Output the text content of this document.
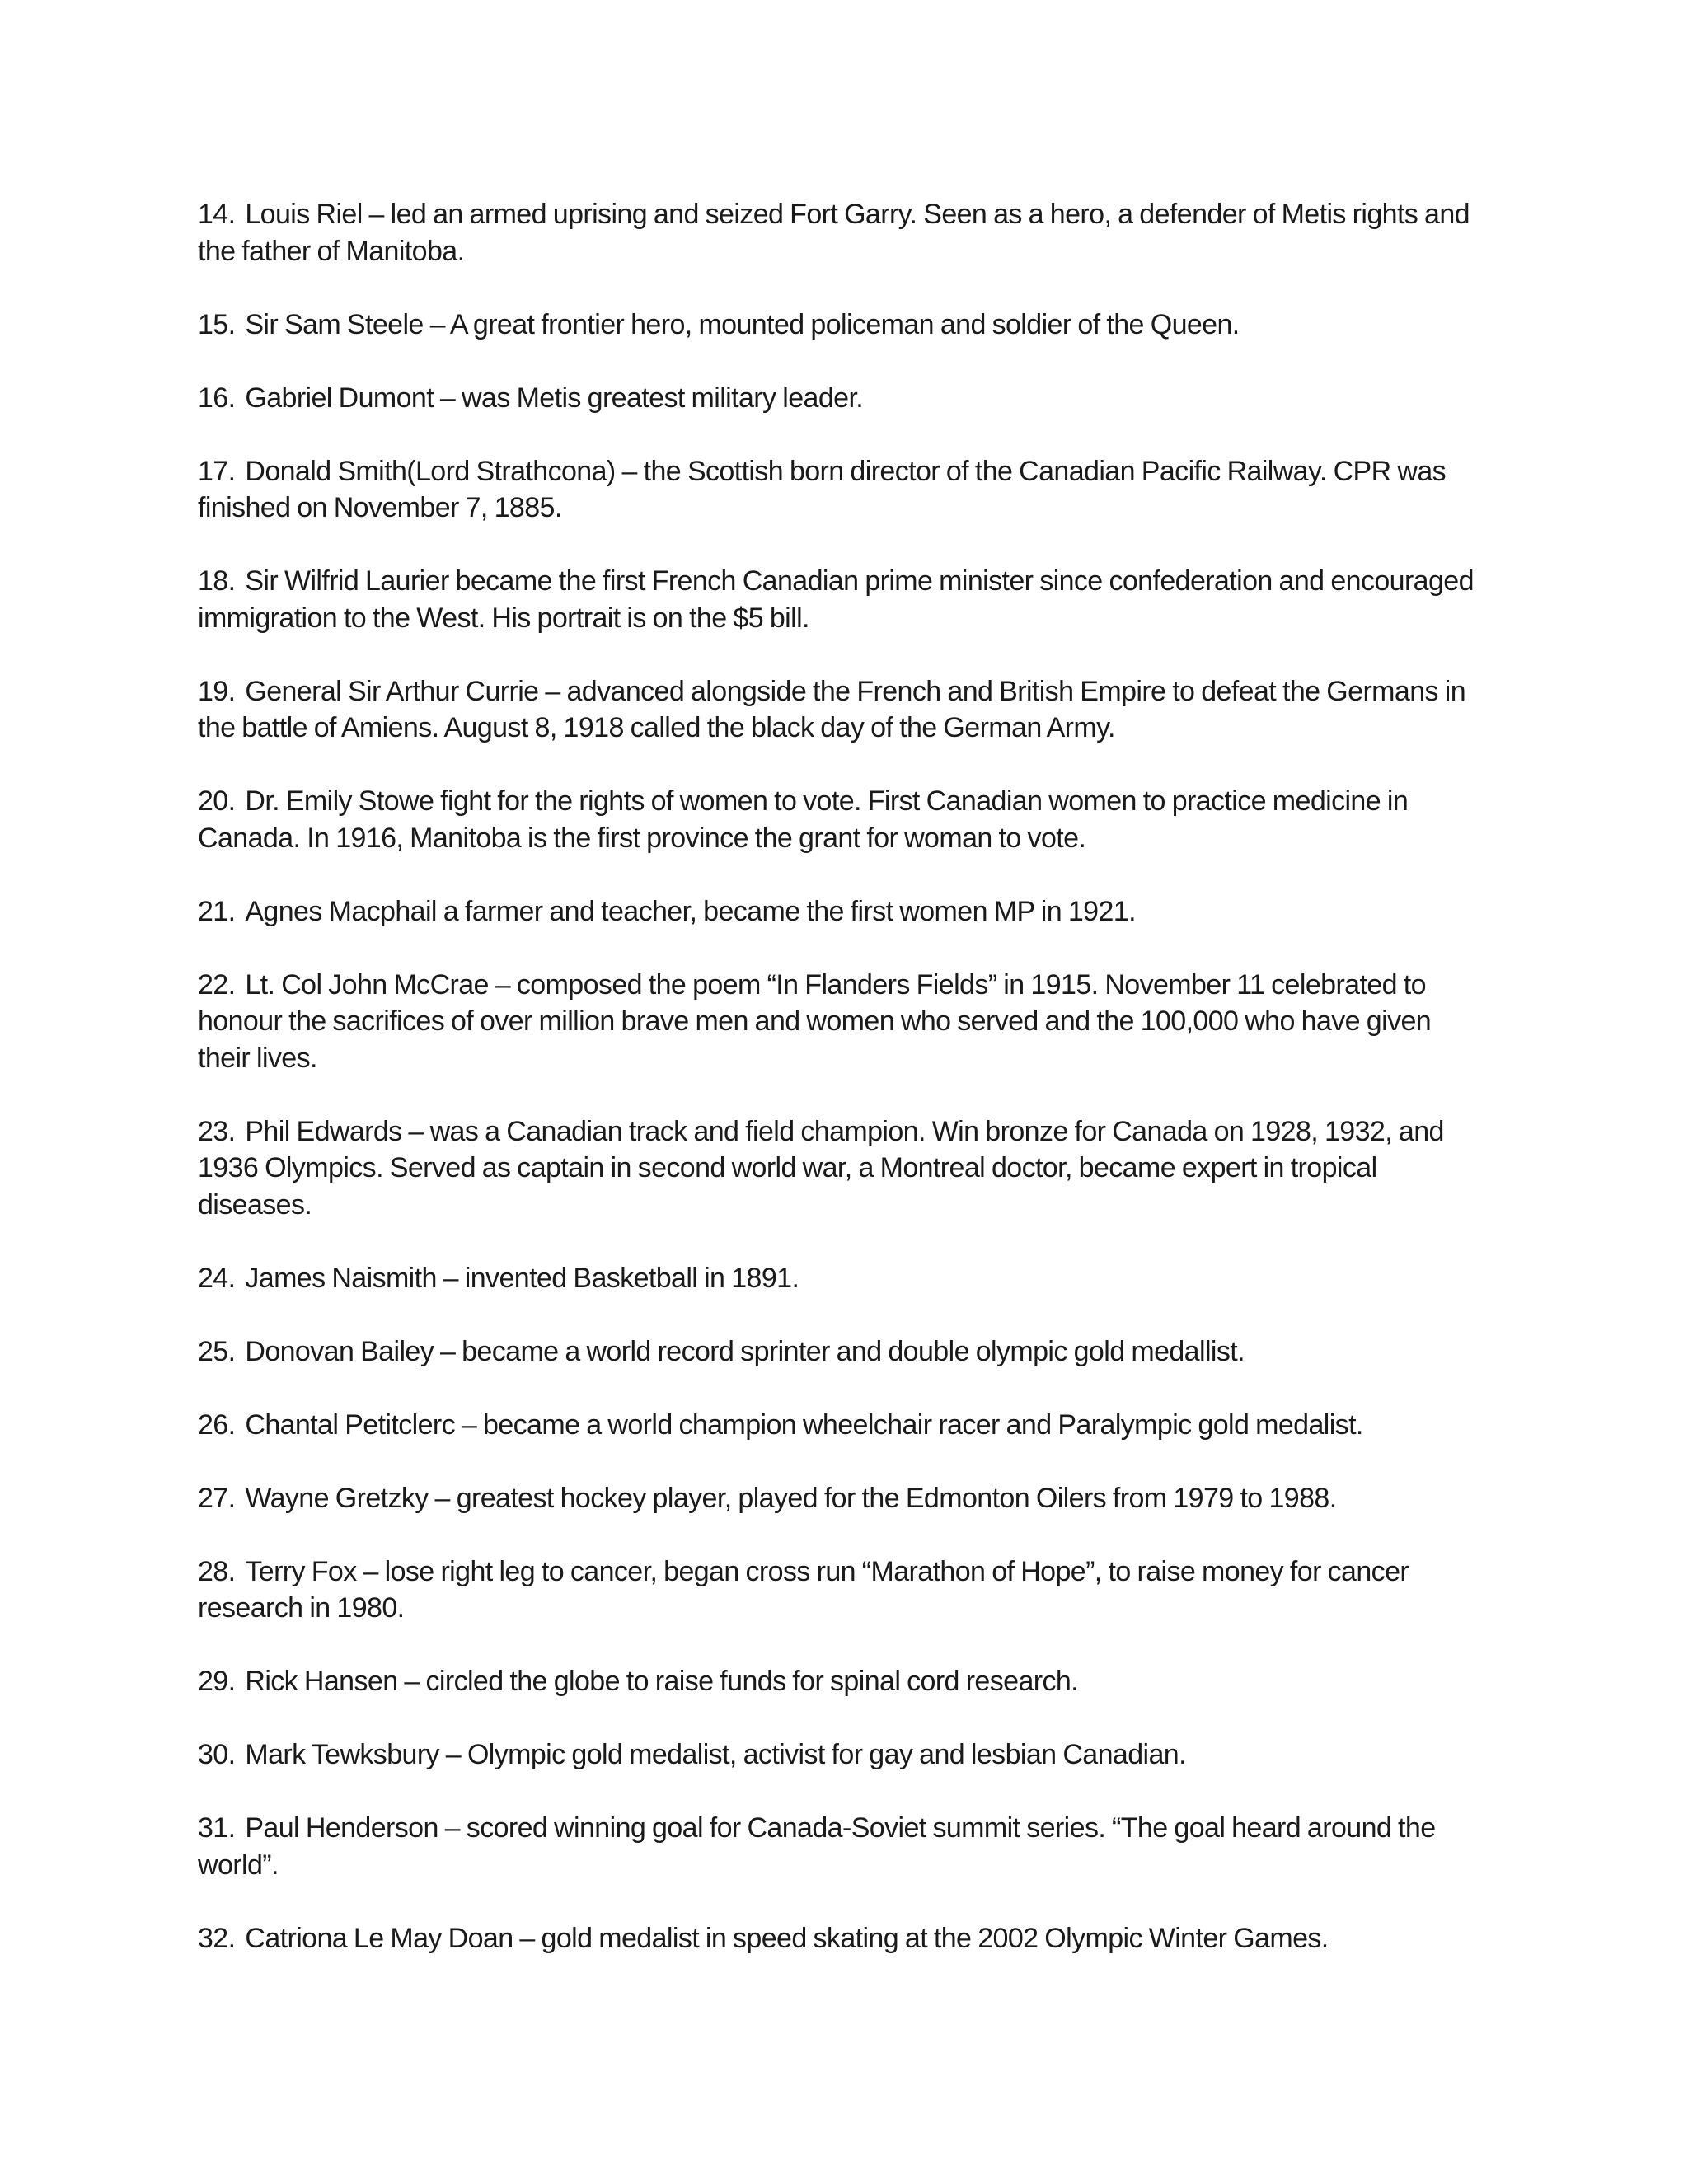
14. Louis Riel – led an armed uprising and seized Fort Garry. Seen as a hero, a defender of Metis rights and the father of Manitoba.

15. Sir Sam Steele – A great frontier hero, mounted policeman and soldier of the Queen.

16. Gabriel Dumont – was Metis greatest military leader.

17. Donald Smith(Lord Strathcona) – the Scottish born director of the Canadian Pacific Railway. CPR was finished on November 7, 1885.

18. Sir Wilfrid Laurier became the first French Canadian prime minister since confederation and encouraged immigration to the West. His portrait is on the $5 bill.

19. General Sir Arthur Currie – advanced alongside the French and British Empire to defeat the Germans in the battle of Amiens. August 8, 1918 called the black day of the German Army.

20. Dr. Emily Stowe fight for the rights of women to vote. First Canadian women to practice medicine in Canada. In 1916, Manitoba is the first province the grant for woman to vote.

21. Agnes Macphail a farmer and teacher, became the first women MP in 1921.

22. Lt. Col John McCrae – composed the poem “In Flanders Fields” in 1915. November 11 celebrated to honour the sacrifices of over million brave men and women who served and the 100,000 who have given their lives.

23. Phil Edwards – was a Canadian track and field champion. Win bronze for Canada on 1928, 1932, and 1936 Olympics. Served as captain in second world war, a Montreal doctor, became expert in tropical diseases.

24. James Naismith – invented Basketball in 1891.

25. Donovan Bailey – became a world record sprinter and double olympic gold medallist.

26. Chantal Petitclerc – became a world champion wheelchair racer and Paralympic gold medalist.

27. Wayne Gretzky – greatest hockey player, played for the Edmonton Oilers from 1979 to 1988.

28. Terry Fox – lose right leg to cancer, began cross run “Marathon of Hope”, to raise money for cancer research in 1980.

29. Rick Hansen – circled the globe to raise funds for spinal cord research.

30. Mark Tewksbury – Olympic gold medalist, activist for gay and lesbian Canadian.

31. Paul Henderson – scored winning goal for Canada-Soviet summit series. “The goal heard around the world”.

32. Catriona Le May Doan – gold medalist in speed skating at the 2002 Olympic Winter Games.
